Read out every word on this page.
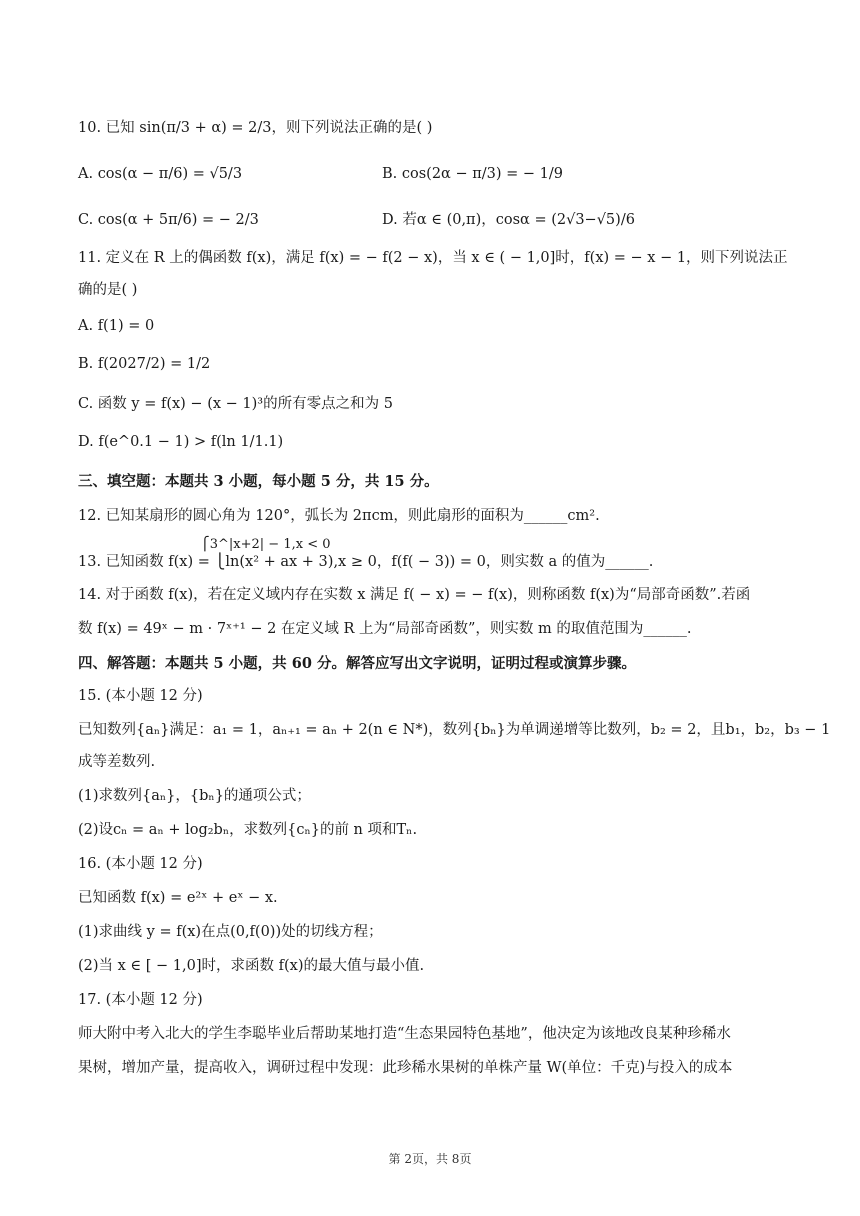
10. 已知 sin(π/3 + α) = 2/3，则下列说法正确的是( )
A. cos(α − π/6) = √5/3	B. cos(2α − π/3) = − 1/9
C. cos(α + 5π/6) = − 2/3	D. 若α ∈ (0,π)，cosα = (2√3−√5)/6
11. 定义在 R 上的偶函数 f(x)，满足 f(x) = − f(2 − x)，当 x ∈ ( − 1,0]时，f(x) = − x − 1，则下列说法正
确的是( )
A. f(1) = 0
B. f(2027/2) = 1/2
C. 函数 y = f(x) − (x − 1)³的所有零点之和为 5
D. f(e^0.1 − 1) > f(ln 1/1.1)
三、填空题：本题共 3 小题，每小题 5 分，共 15 分。
12. 已知某扇形的圆心角为 120°，弧长为 2πcm，则此扇形的面积为______cm².
⎧3^|x+2| − 1,x < 0
13. 已知函数 f(x) = ⎩ln(x² + ax + 3),x ≥ 0，f(f( − 3)) = 0，则实数 a 的值为______.
14. 对于函数 f(x)，若在定义域内存在实数 x 满足 f( − x) = − f(x)，则称函数 f(x)为“局部奇函数”.若函
数 f(x) = 49ˣ − m · 7ˣ⁺¹ − 2 在定义域 R 上为“局部奇函数”，则实数 m 的取值范围为______.
四、解答题：本题共 5 小题，共 60 分。解答应写出文字说明，证明过程或演算步骤。
15. (本小题 12 分)
已知数列{aₙ}满足：a₁ = 1，aₙ₊₁ = aₙ + 2(n ∈ N*)，数列{bₙ}为单调递增等比数列，b₂ = 2，且b₁，b₂，b₃ − 1
成等差数列.
(1)求数列{aₙ}，{bₙ}的通项公式；
(2)设cₙ = aₙ + log₂bₙ，求数列{cₙ}的前 n 项和Tₙ.
16. (本小题 12 分)
已知函数 f(x) = e²ˣ + eˣ − x.
(1)求曲线 y = f(x)在点(0,f(0))处的切线方程；
(2)当 x ∈ [ − 1,0]时，求函数 f(x)的最大值与最小值.
17. (本小题 12 分)
师大附中考入北大的学生李聪毕业后帮助某地打造“生态果园特色基地”，他决定为该地改良某种珍稀水
果树，增加产量，提高收入，调研过程中发现：此珍稀水果树的单株产量 W(单位：千克)与投入的成本
第 2页，共 8页
